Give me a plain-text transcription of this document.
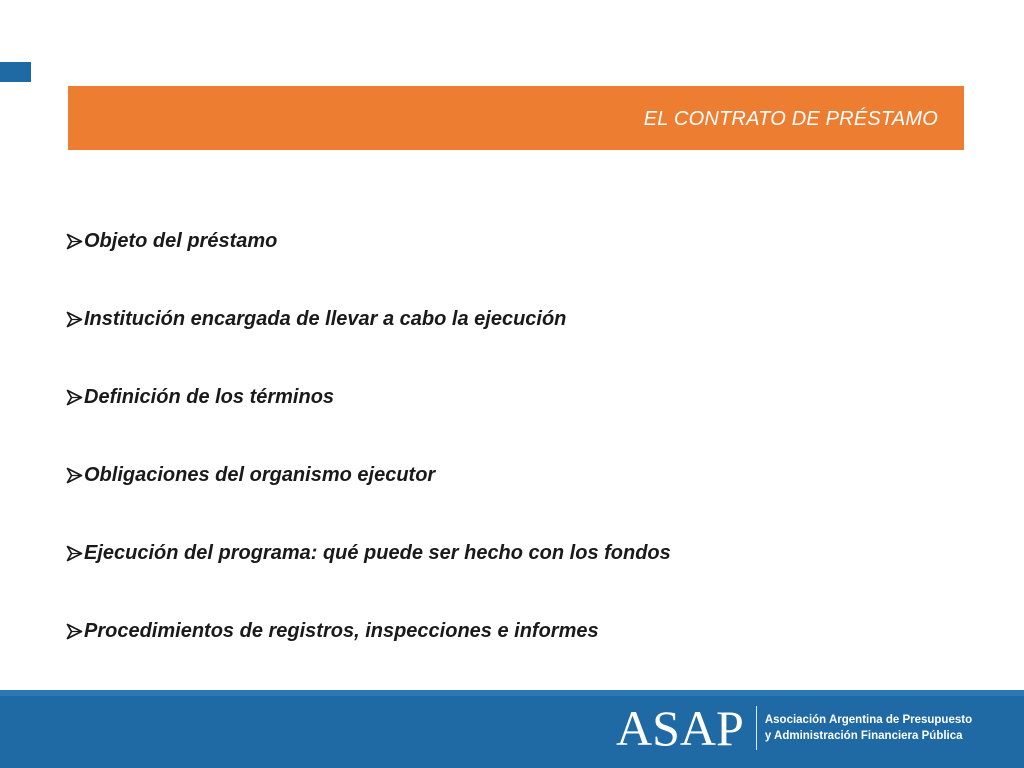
EL CONTRATO DE PRÉSTAMO
Objeto del préstamo
Institución encargada de llevar a cabo la ejecución
Definición de los términos
Obligaciones del organismo ejecutor
Ejecución del programa: qué puede ser hecho con los fondos
Procedimientos de registros, inspecciones e informes
ASAP Asociación Argentina de Presupuesto
y Administración Financiera Pública
